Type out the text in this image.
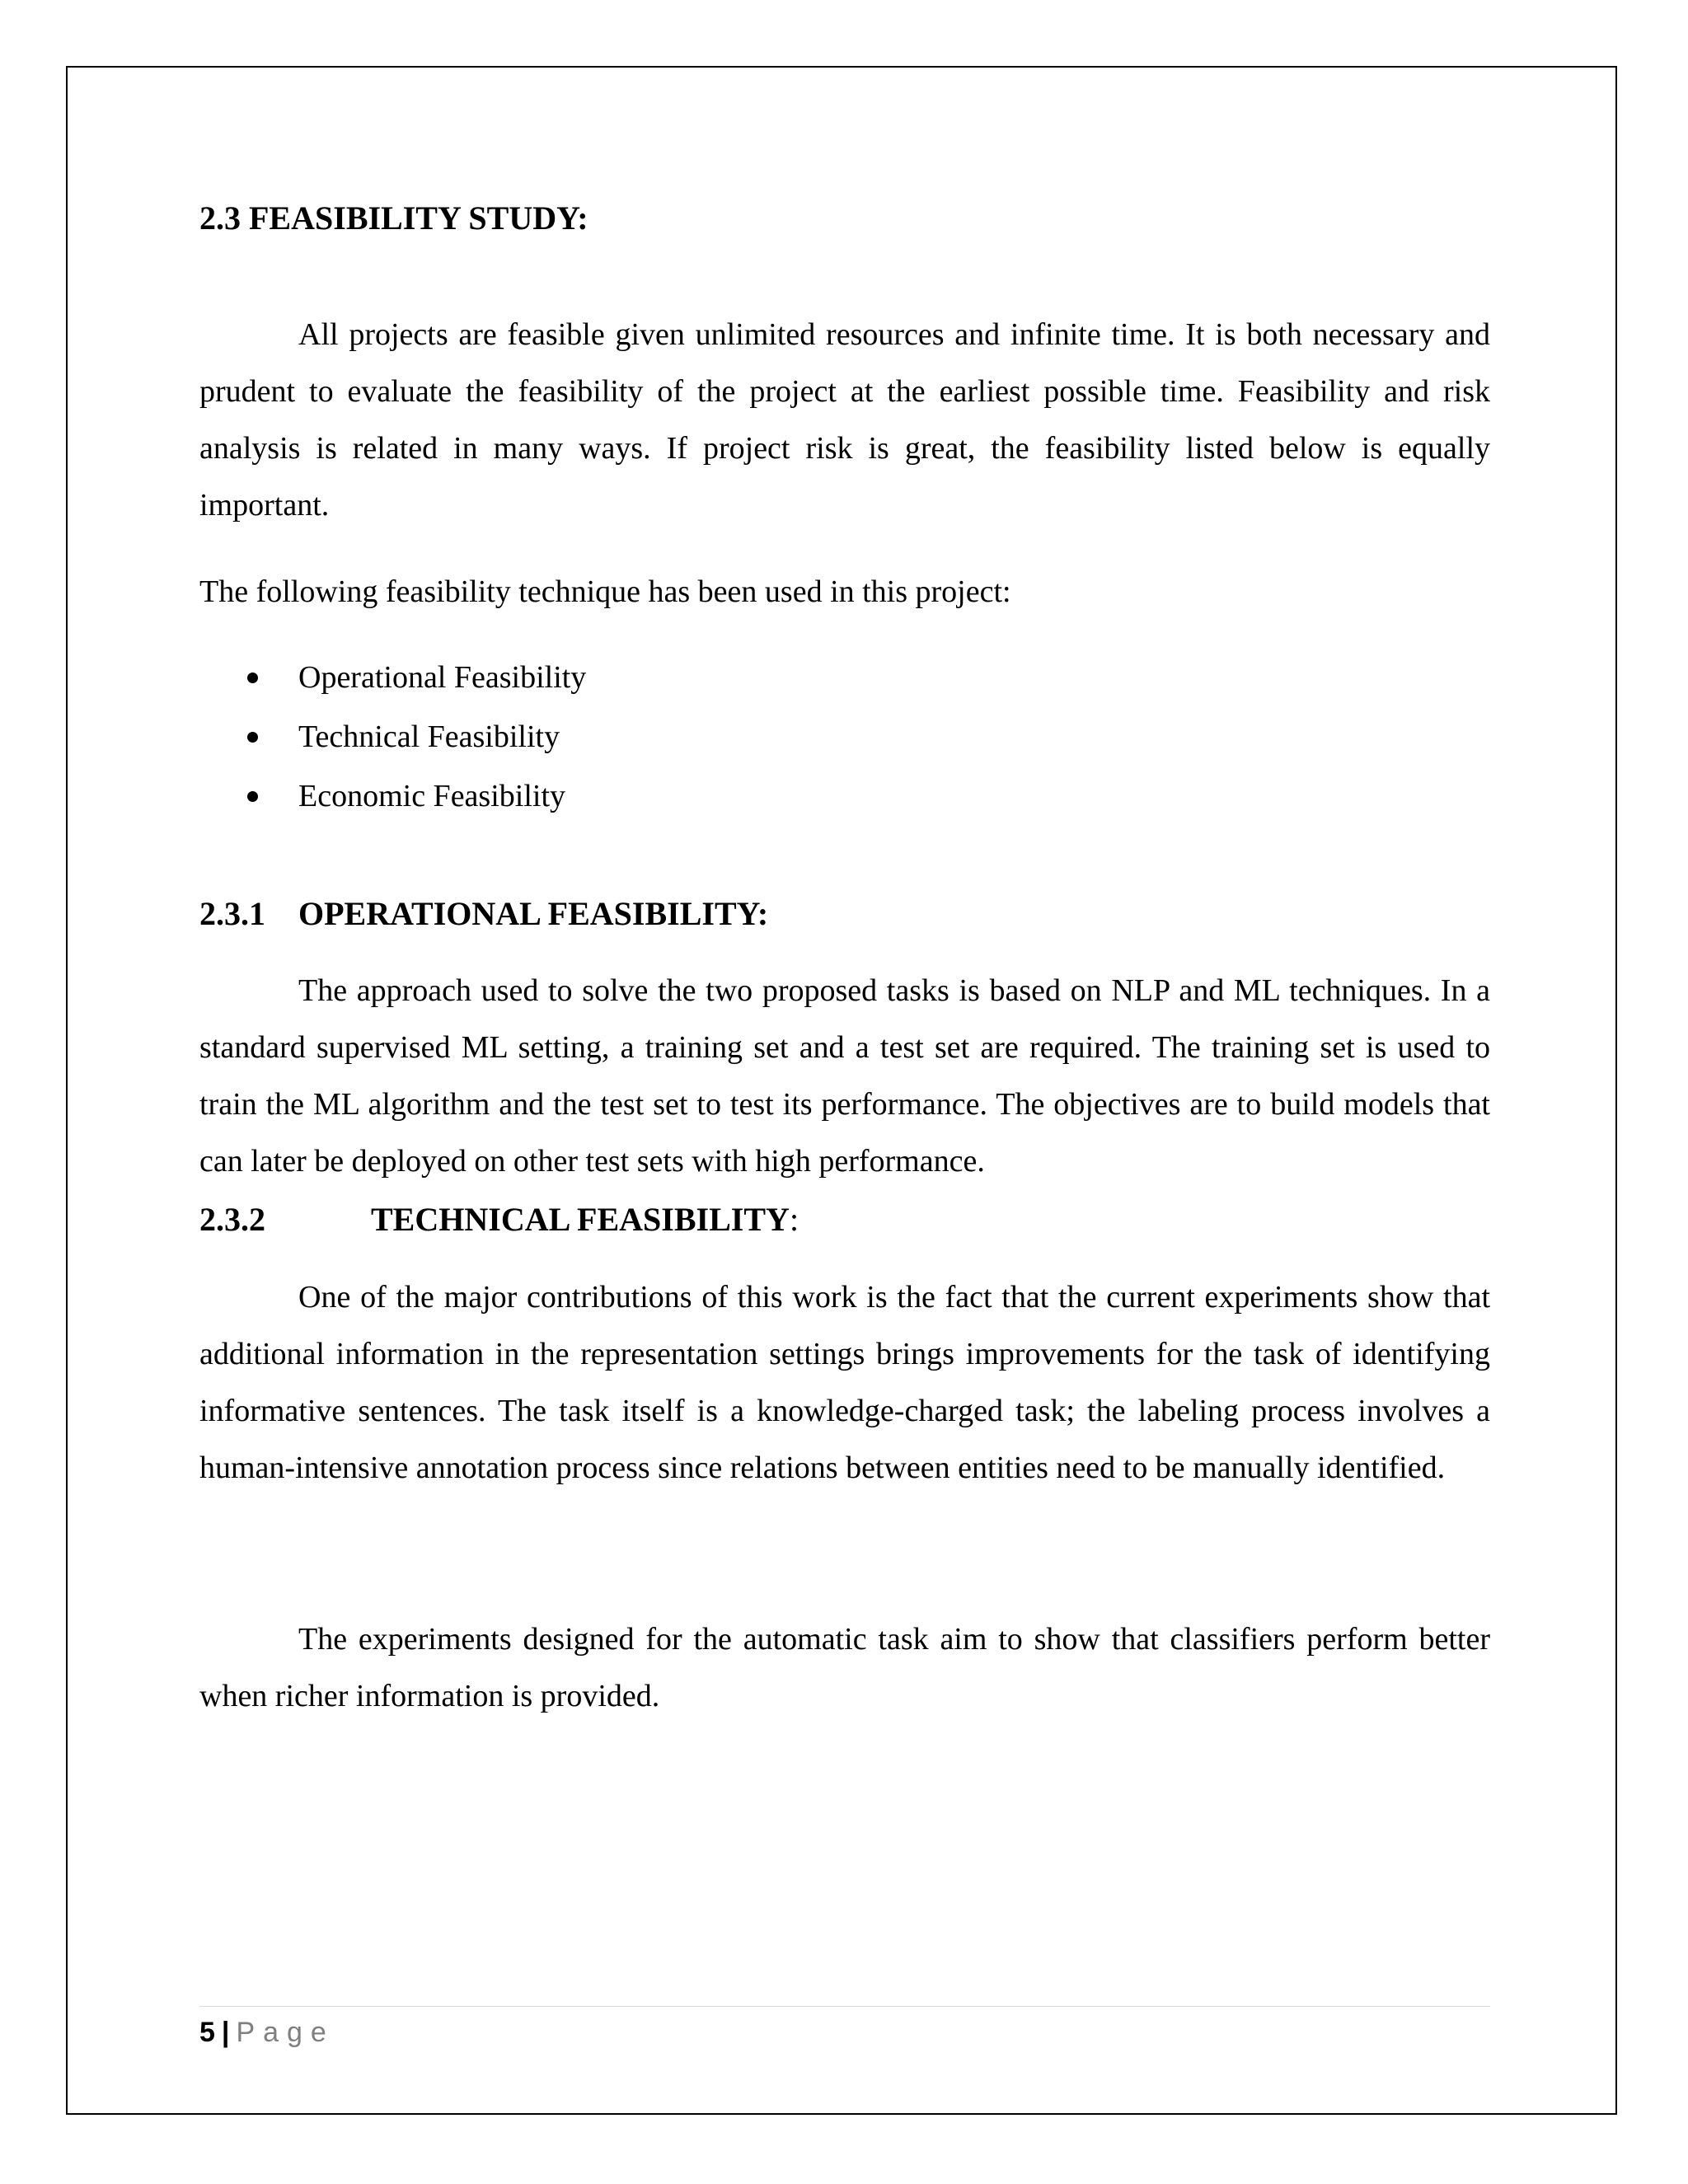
2.3 FEASIBILITY STUDY:

All projects are feasible given unlimited resources and infinite time. It is both necessary and prudent to evaluate the feasibility of the project at the earliest possible time. Feasibility and risk analysis is related in many ways. If project risk is great, the feasibility listed below is equally important.

The following feasibility technique has been used in this project:
Operational Feasibility
Technical Feasibility
Economic Feasibility
2.3.1 OPERATIONAL FEASIBILITY:

The approach used to solve the two proposed tasks is based on NLP and ML techniques. In a standard supervised ML setting, a training set and a test set are required. The training set is used to train the ML algorithm and the test set to test its performance. The objectives are to build models that can later be deployed on other test sets with high performance.

2.3.2	TECHNICAL FEASIBILITY:

One of the major contributions of this work is the fact that the current experiments show that additional information in the representation settings brings improvements for the task of identifying informative sentences. The task itself is a knowledge-charged task; the labeling process involves a human-intensive annotation process since relations between entities need to be manually identified.

The experiments designed for the automatic task aim to show that classifiers perform better when richer information is provided.

5 | Page
